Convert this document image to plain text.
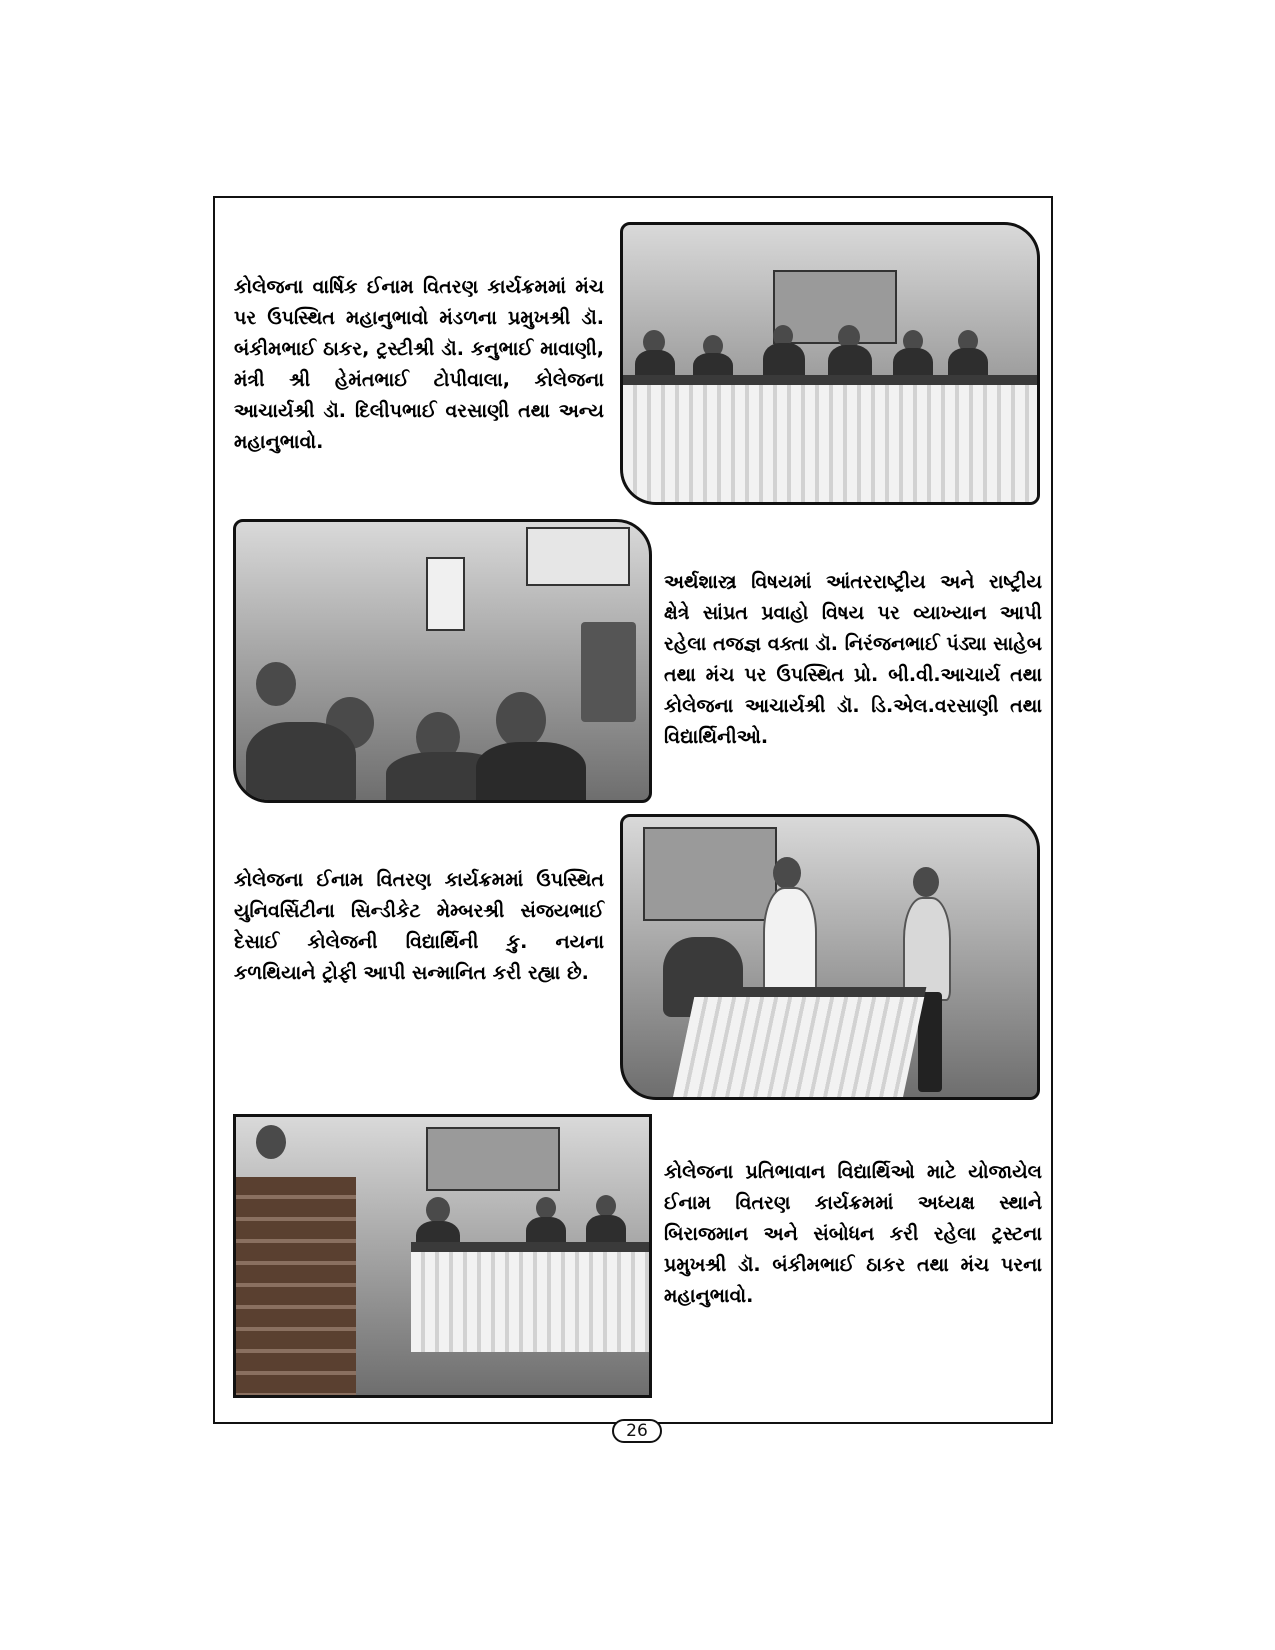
કોલેજના વાર્ષિક ઈનામ વિતરણ કાર્યક્રમમાં મંચ પર ઉપસ્થિત મહાનુભાવો મંડળના પ્રમુખશ્રી ડૉ. બંકીમભાઈ ઠાકર, ટ્રસ્ટીશ્રી ડૉ. કનુભાઈ માવાણી, મંત્રી શ્રી હેમંતભાઈ ટોપીવાલા, કોલેજના આચાર્યશ્રી ડૉ. દિલીપભાઈ વરસાણી તથા અન્ય મહાનુભાવો.

અર્થશાસ્ત્ર વિષયમાં આંતરરાષ્ટ્રીય અને રાષ્ટ્રીય ક્ષેત્રે સાંપ્રત પ્રવાહો વિષય પર વ્યાખ્યાન આપી રહેલા તજજ્ઞ વક્તા ડૉ. નિરંજનભાઈ પંડ્યા સાહેબ તથા મંચ પર ઉપસ્થિત પ્રો. બી.વી.આચાર્ય તથા કોલેજના આચાર્યશ્રી ડૉ. ડિ.એલ.વરસાણી તથા વિદ્યાર્થિનીઓ.

કોલેજના ઈનામ વિતરણ કાર્યક્રમમાં ઉપસ્થિત યુનિવર્સિટીના સિન્ડીકેટ મેમ્બરશ્રી સંજયભાઈ દેસાઈ કોલેજની વિદ્યાર્થિની કુ. નયના કળથિયાને ટ્રોફી આપી સન્માનિત કરી રહ્યા છે.

કોલેજના પ્રતિભાવાન વિદ્યાર્થિઓ માટે યોજાયેલ ઈનામ વિતરણ કાર્યક્રમમાં અધ્યક્ષ સ્થાને બિરાજમાન અને સંબોધન કરી રહેલા ટ્રસ્ટના પ્રમુખશ્રી ડૉ. બંકીમભાઈ ઠાકર તથા મંચ પરના મહાનુભાવો.

26
